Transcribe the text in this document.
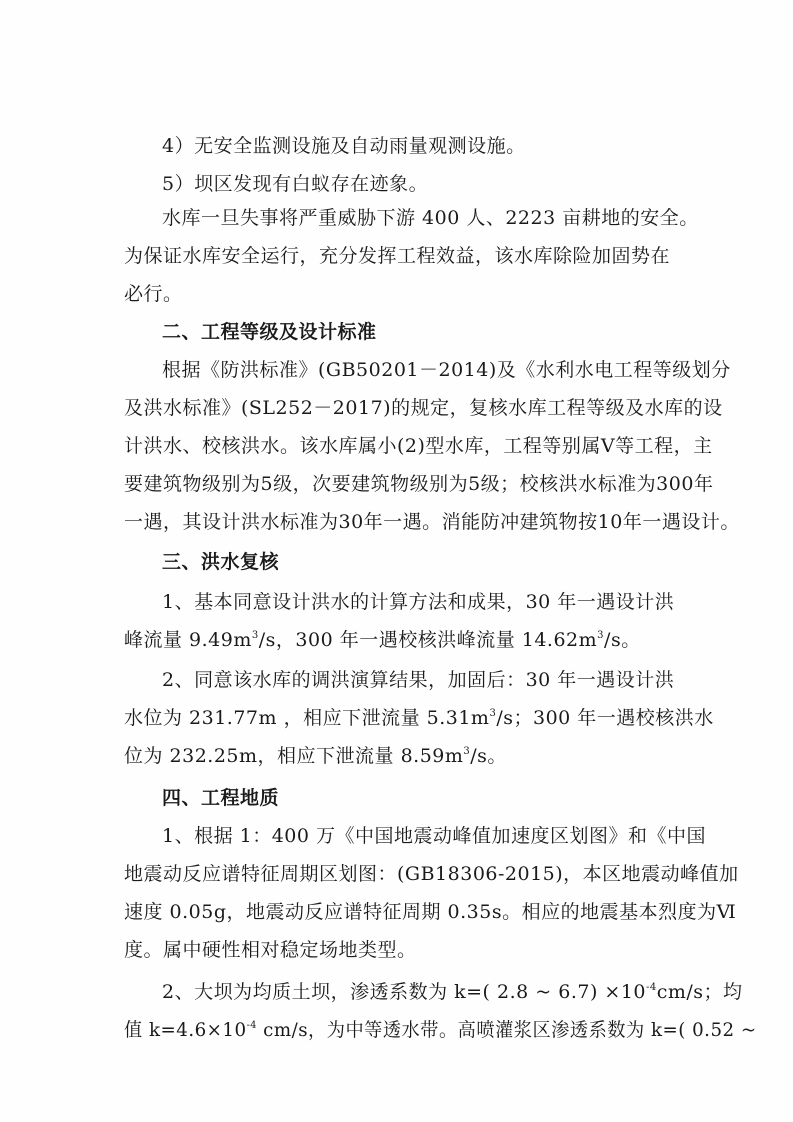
4）无安全监测设施及自动雨量观测设施。
5）坝区发现有白蚁存在迹象。
水库一旦失事将严重威胁下游 400 人、2223 亩耕地的安全。
为保证水库安全运行，充分发挥工程效益，该水库除险加固势在
必行。
二、工程等级及设计标准
根据《防洪标准》(GB50201－2014)及《水利水电工程等级划分
及洪水标准》(SL252－2017)的规定，复核水库工程等级及水库的设
计洪水、校核洪水。该水库属小(2)型水库，工程等别属Ⅴ等工程，主
要建筑物级别为5级，次要建筑物级别为5级；校核洪水标准为300年
一遇，其设计洪水标准为30年一遇。消能防冲建筑物按10年一遇设计。
三、洪水复核
1、基本同意设计洪水的计算方法和成果，30 年一遇设计洪
峰流量 $9.49m^3/s$，300 年一遇校核洪峰流量 $14.62m^3/s$。
2、同意该水库的调洪演算结果，加固后：30 年一遇设计洪
水位为 231.77m ，相应下泄流量 $5.31m^3/s$；300 年一遇校核洪水
位为 232.25m，相应下泄流量 $8.59m^3/s$。
四、工程地质
1、根据 1：400 万《中国地震动峰值加速度区划图》和《中国
地震动反应谱特征周期区划图：(GB18306-2015)，本区地震动峰值加
速度 0.05g，地震动反应谱特征周期 0.35s。相应的地震基本烈度为Ⅵ
度。属中硬性相对稳定场地类型。
2、大坝为均质土坝，渗透系数为 k=( 2.8 ~ $6.7) \times 10^{-4}cm/s$；均
值 $k=4.6\times 10^{-4}$ cm/s，为中等透水带。高喷灌浆区渗透系数为 k=( 0.52 ~
